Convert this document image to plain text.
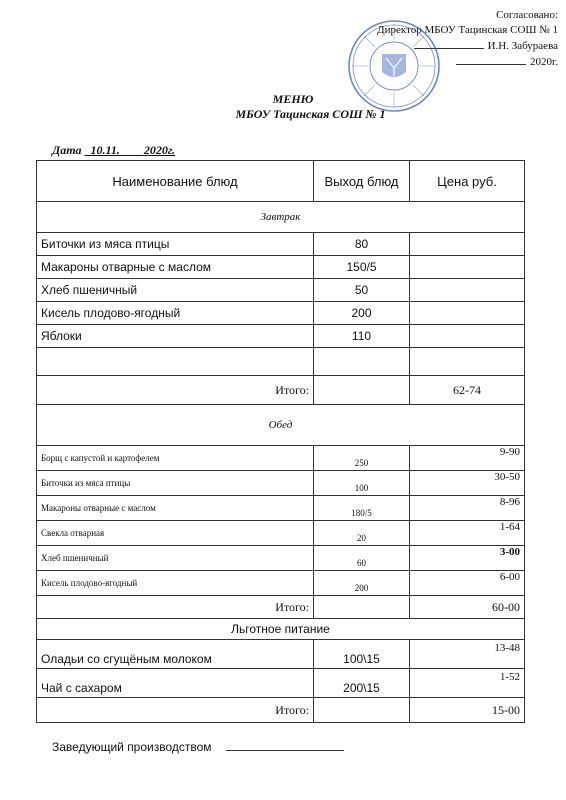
Согласовано:
Директор МБОУ Тацинская СОШ № 1
И.Н. Забураева
2020г.
МЕНЮ
МБОУ Тацинская СОШ № 1
Дата 10.11. 2020г.
Наименование блюд	Выход блюд	Цена руб.
Завтрак		
Биточки из мяса птицы	80	
Макароны отварные с маслом	150/5	
Хлеб пшеничный	50	
Кисель плодово-ягодный	200	
Яблоки	110	

Итого:		62-74
Обед		
Борщ с капустой и картофелем	250	9-90
Биточки из мяса птицы	100	30-50
Макароны отварные с маслом	180/5	8-96
Свекла отварная	20	1-64
Хлеб пшеничный	60	3-00
Кисель плодово-ягодный	200	6-00
Итого:		60-00
Льготное питание		
Оладьи со сгущёным молоком	100\15	13-48
Чай с сахаром	200\15	1-52
Итого:		15-00
Заведующий производством
